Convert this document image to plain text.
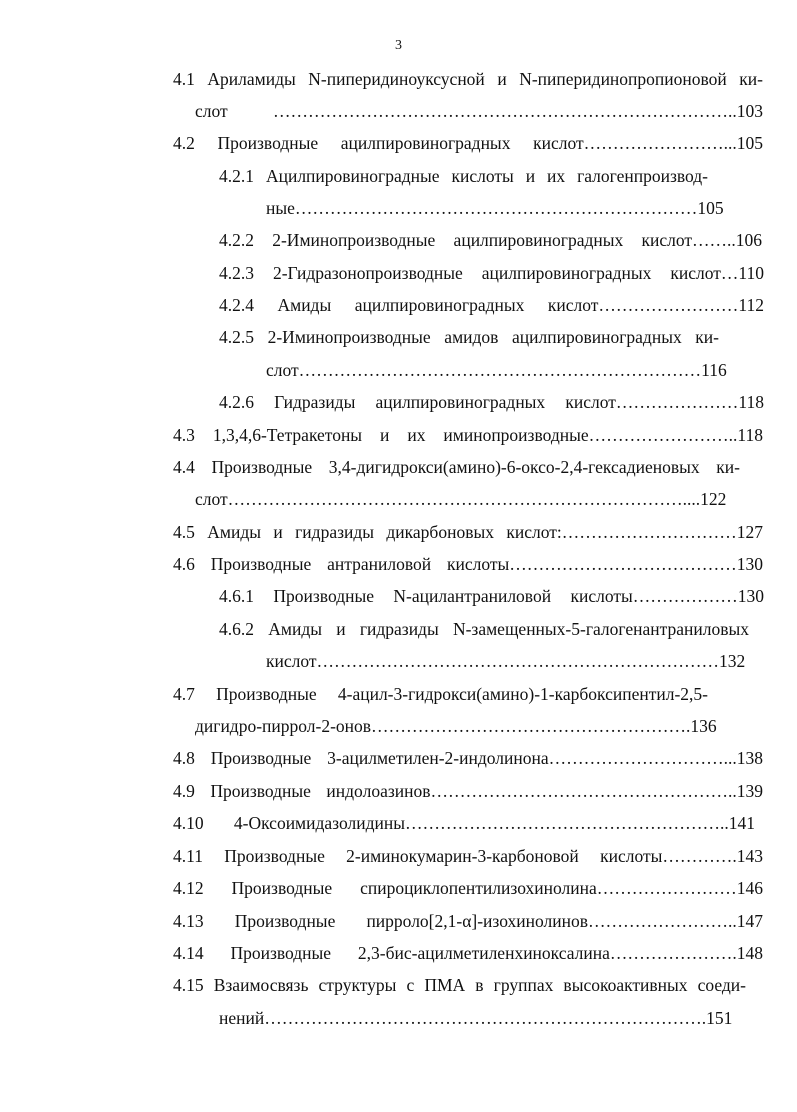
3
4.1 Ариламиды N-пиперидиноуксусной и N-пиперидинопропионовой ки-
слот ……………………………………………………………………..103
4.2 Производные ацилпировиноградных кислот……………………...105
4.2.1 Ацилпировиноградные кислоты и их галогенпроизвод-
ные……………………………………………………………105
4.2.2 2-Иминопроизводные ацилпировиноградных кислот……..106
4.2.3 2-Гидразонопроизводные ацилпировиноградных кислот…110
4.2.4 Амиды ацилпировиноградных кислот……………………112
4.2.5 2-Иминопроизводные амидов ацилпировиноградных ки-
слот……………………………………………………………116
4.2.6 Гидразиды ацилпировиноградных кислот…………………118
4.3 1,3,4,6-Тетракетоны и их иминопроизводные……………………..118
4.4 Производные 3,4-дигидрокси(амино)-6-оксо-2,4-гексадиеновых ки-
слот……………………………………………………………………....122
4.5 Амиды и гидразиды дикарбоновых кислот:…………………………127
4.6 Производные антраниловой кислоты…………………………………130
4.6.1 Производные N-ацилантраниловой кислоты………………130
4.6.2 Амиды и гидразиды N-замещенных-5-галогенантраниловых
кислот……………………………………………………………132
4.7 Производные 4-ацил-3-гидрокси(амино)-1-карбоксипентил-2,5-
дигидро-пиррол-2-онов……………………………………………….136
4.8 Производные 3-ацилметилен-2-индолинона…………………………...138
4.9 Производные индолоазинов……………………………………………..139
4.10 4-Оксоимидазолидины………………………………………………..141
4.11 Производные 2-иминокумарин-3-карбоновой кислоты………….143
4.12 Производные спироциклопентилизохинолина……………………146
4.13 Производные пирроло[2,1-α]-изохинолинов……………………..147
4.14 Производные 2,3-бис-ацилметиленхиноксалина………………….148
4.15 Взаимосвязь структуры с ПМА в группах высокоактивных соеди-
нений………………………………………………………………….151
